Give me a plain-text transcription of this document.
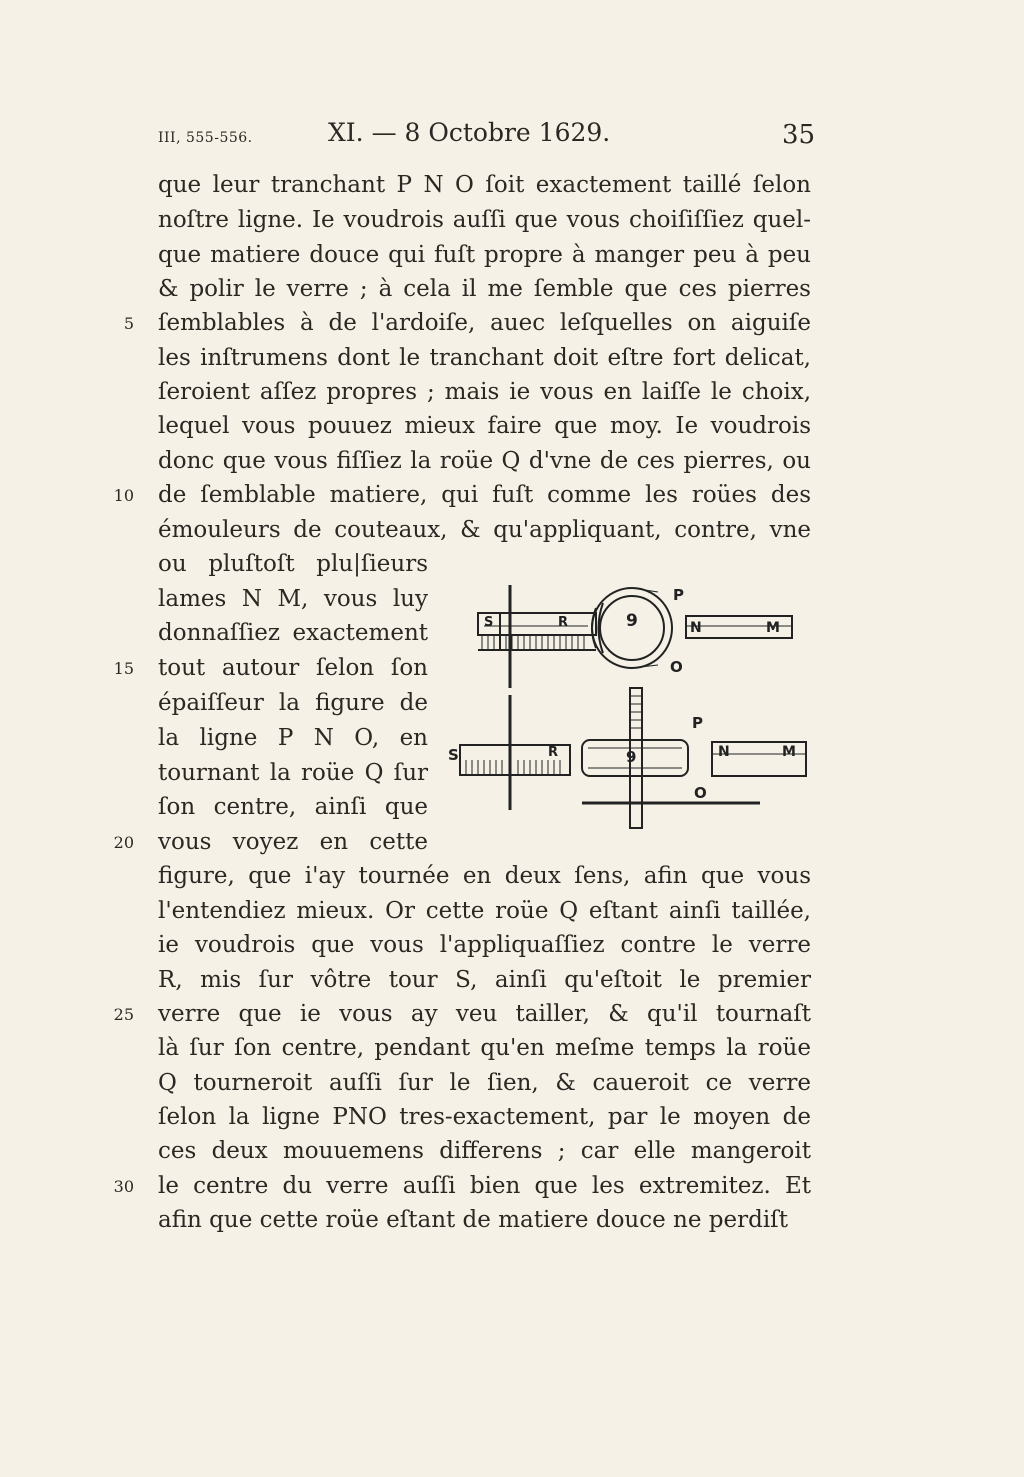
III, 555-556.	XI. — 8 Octobre 1629.	35
que leur tranchant P N O ſoit exactement taillé ſelon
noſtre ligne. Ie voudrois auſſi que vous choiſiſſiez quel-
que matiere douce qui fuſt propre à manger peu à peu
& polir le verre ; à cela il me ſemble que ces pierres
ſemblables à de l'ardoiſe, auec leſquelles on aiguiſe
les inſtrumens dont le tranchant doit eſtre fort delicat,
ſeroient aſſez propres ; mais ie vous en laiſſe le choix,
lequel vous pouuez mieux faire que moy. Ie voudrois
donc que vous fiſſiez la roüe Q d'vne de ces pierres, ou
de ſemblable matiere, qui fuſt comme les roües des
émouleurs de couteaux, & qu'appliquant, contre, vne
ou pluſtoſt plu|ſieurs
lames N M, vous luy
donnaſſiez exactement
tout autour ſelon ſon
épaiſſeur la figure de
la ligne P N O, en
tournant la roüe Q ſur
ſon centre, ainſi que
vous voyez en cette
figure, que i'ay tournée en deux ſens, afin que vous
l'entendiez mieux. Or cette roüe Q eſtant ainſi taillée,
ie voudrois que vous l'appliquaſſiez contre le verre
R, mis ſur vôtre tour S, ainſi qu'eſtoit le premier
verre que ie vous ay veu tailler, & qu'il tournaſt
là ſur ſon centre, pendant qu'en meſme temps la roüe
Q tourneroit auſſi ſur le ſien, & caueroit ce verre
ſelon la ligne PNO tres-exactement, par le moyen de
ces deux mouuemens differens ; car elle mangeroit
le centre du verre auſſi bien que les extremitez. Et
afin que cette roüe eſtant de matiere douce ne perdiſt
5
10
15
20
25
30
P
N	M
O
9
S	R
P
N	M
O
9
S	R
